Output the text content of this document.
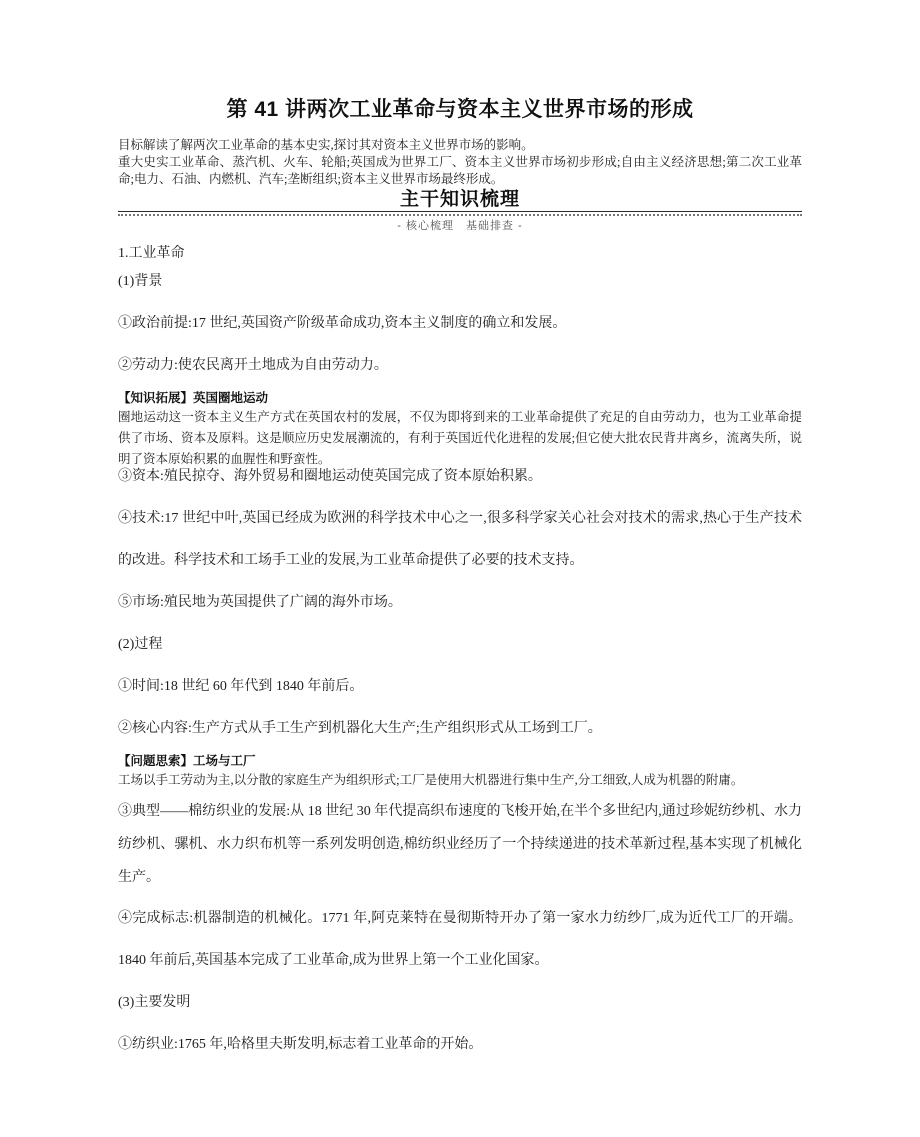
第 41 讲两次工业革命与资本主义世界市场的形成

目标解读了解两次工业革命的基本史实,探讨其对资本主义世界市场的影响。

重大史实工业革命、蒸汽机、火车、轮船;英国成为世界工厂、资本主义世界市场初步形成;自由主义经济思想;第二次工业革命;电力、石油、内燃机、汽车;垄断组织;资本主义世界市场最终形成。

主干知识梳理
- 核心梳理　基础排查 -

1.工业革命

(1)背景

①政治前提:17 世纪,英国资产阶级革命成功,资本主义制度的确立和发展。

②劳动力:使农民离开土地成为自由劳动力。

【知识拓展】英国圈地运动

圈地运动这一资本主义生产方式在英国农村的发展，不仅为即将到来的工业革命提供了充足的自由劳动力，也为工业革命提供了市场、资本及原料。这是顺应历史发展潮流的，有利于英国近代化进程的发展;但它使大批农民背井离乡，流离失所，说明了资本原始积累的血腥性和野蛮性。

③资本:殖民掠夺、海外贸易和圈地运动使英国完成了资本原始积累。

④技术:17 世纪中叶,英国已经成为欧洲的科学技术中心之一,很多科学家关心社会对技术的需求,热心于生产技术的改进。科学技术和工场手工业的发展,为工业革命提供了必要的技术支持。

⑤市场:殖民地为英国提供了广阔的海外市场。

(2)过程

①时间:18 世纪 60 年代到 1840 年前后。

②核心内容:生产方式从手工生产到机器化大生产;生产组织形式从工场到工厂。

【问题思索】工场与工厂

工场以手工劳动为主,以分散的家庭生产为组织形式;工厂是使用大机器进行集中生产,分工细致,人成为机器的附庸。

③典型——棉纺织业的发展:从 18 世纪 30 年代提高织布速度的飞梭开始,在半个多世纪内,通过珍妮纺纱机、水力纺纱机、骡机、水力织布机等一系列发明创造,棉纺织业经历了一个持续递进的技术革新过程,基本实现了机械化生产。

④完成标志:机器制造的机械化。1771 年,阿克莱特在曼彻斯特开办了第一家水力纺纱厂,成为近代工厂的开端。1840 年前后,英国基本完成了工业革命,成为世界上第一个工业化国家。

(3)主要发明

①纺织业:1765 年,哈格里夫斯发明,标志着工业革命的开始。
